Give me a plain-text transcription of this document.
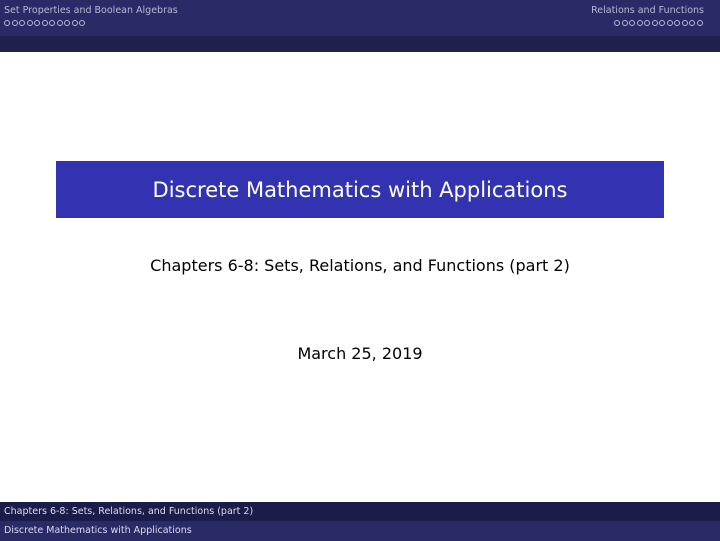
Set Properties and Boolean Algebras	Relations and Functions
Discrete Mathematics with Applications
Chapters 6-8: Sets, Relations, and Functions (part 2)
March 25, 2019
Chapters 6-8: Sets, Relations, and Functions (part 2)
Discrete Mathematics with Applications
